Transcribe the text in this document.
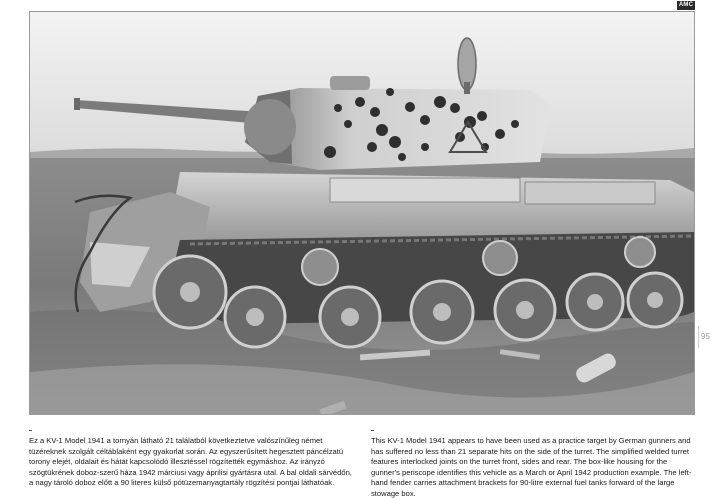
AMC
95

Ez a KV-1 Model 1941 a tornyán látható 21 találatból következtetve valószínűleg német tüzéreknek szolgált céltáblaként egy gyakorlat során. Az egyszerűsített hegesztett páncélzatú torony elejét, oldalait és hátát kapcsolódó illesztéssel rögzítették egymáshoz. Az irányzó szögtükrének doboz-szerű háza 1942 márciusi vagy áprilisi gyártásra utal. A bal oldali sárvédőn, a nagy tároló doboz előtt a 90 literes külső pótüzemanyagtartály rögzítési pontjai láthatóak.

This KV-1 Model 1941 appears to have been used as a practice target by German gunners and has suffered no less than 21 separate hits on the side of the turret. The simplified welded turret features interlocked joints on the turret front, sides and rear. The box-like housing for the gunner's periscope identifies this vehicle as a March or April 1942 production example. The left-hand fender carries attachment brackets for 90-litre external fuel tanks forward of the large stowage box.
